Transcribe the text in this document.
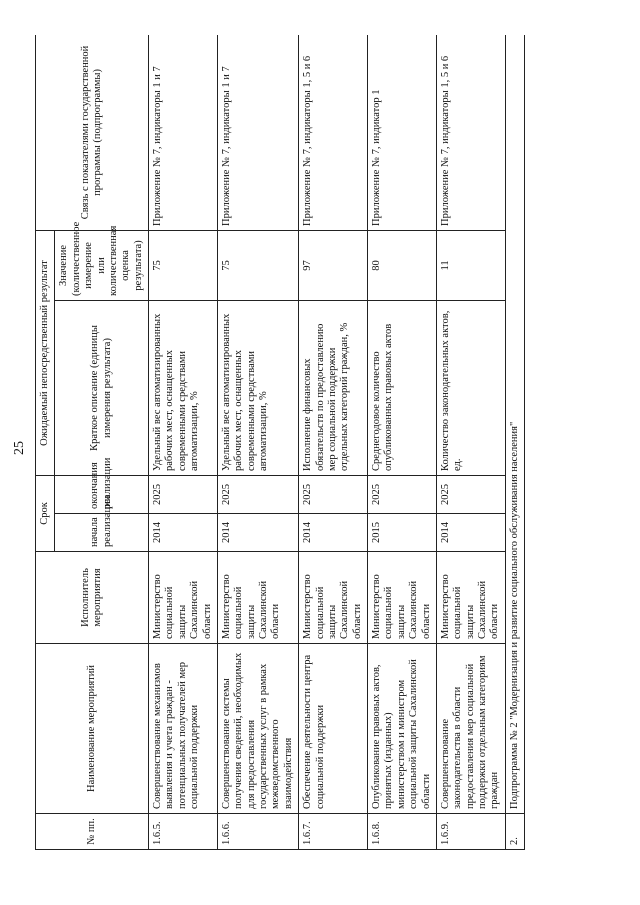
25
№ пп.	Наименование мероприятий	Исполнитель мероприятия	Срок		Ожидаемый непосредственный результат		Связь с показателями государственной программы (подпрограммы)
			начала реализации	окончания реализации	Краткое описание (единицы измерения результата)	Значение (количественное измерение или количественная оценка результата)	
1.6.5.	Совершенствование механизмов выявления и учета граждан - потенциальных получателей мер социальной поддержки	Министерство социальной защиты Сахалинской области	2014	2025	Удельный вес автоматизированных рабочих мест, оснащенных современными средствами автоматизации, %	75	Приложение № 7, индикаторы 1 и 7
1.6.6.	Совершенствование системы получения сведений, необходимых для предоставления государственных услуг в рамках межведомственного взаимодействия	Министерство социальной защиты Сахалинской области	2014	2025	Удельный вес автоматизированных рабочих мест, оснащенных современными средствами автоматизации, %	75	Приложение № 7, индикаторы 1 и 7
1.6.7.	Обеспечение деятельности центра социальной поддержки	Министерство социальной защиты Сахалинской области	2014	2025	Исполнение финансовых обязательств по предоставлению мер социальной поддержки отдельных категорий граждан, %	97	Приложение № 7, индикаторы 1, 5 и 6
1.6.8.	Опубликование правовых актов, принятых (изданных) министерством и министром социальной защиты Сахалинской области	Министерство социальной защиты Сахалинской области	2015	2025	Среднегодовое количество опубликованных правовых актов	80	Приложение № 7, индикатор 1
1.6.9.	Совершенствование законодательства в области предоставления мер социальной поддержки отдельным категориям граждан	Министерство социальной защиты Сахалинской области	2014	2025	Количество законодательных актов, ед.	11	Приложение № 7, индикаторы 1, 5 и 6
2.	Подпрограмма № 2 "Модернизация и развитие социального обслуживания населения"						
